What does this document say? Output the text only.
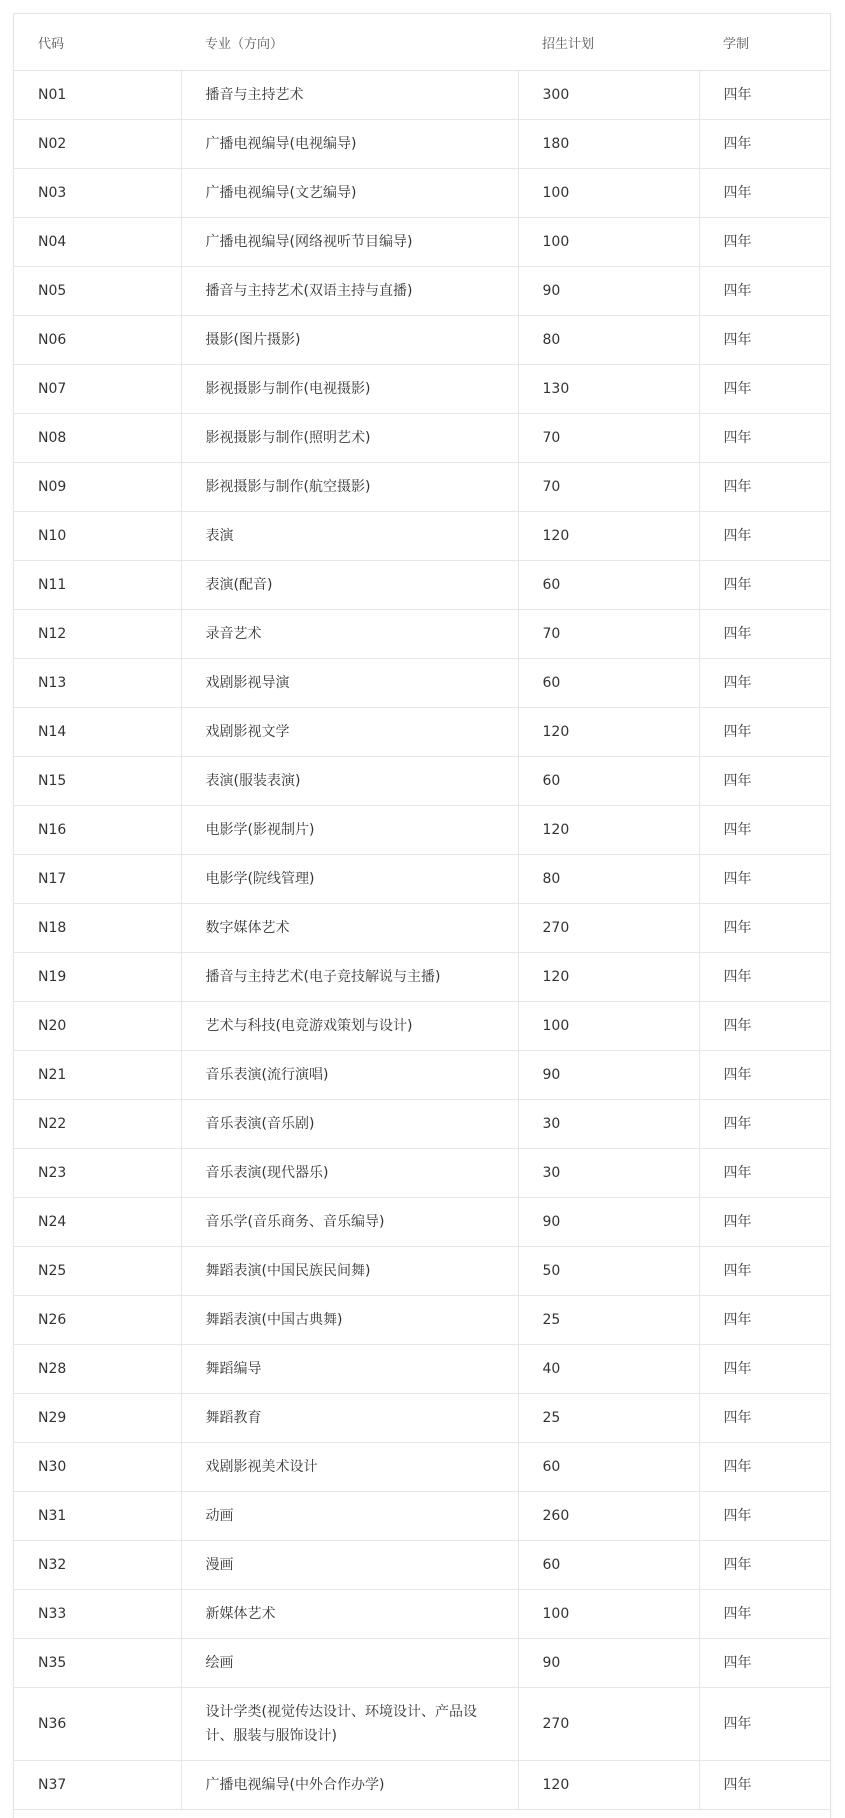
代码	专业（方向）	招生计划	学制
N01	播音与主持艺术	300	四年
N02	广播电视编导(电视编导)	180	四年
N03	广播电视编导(文艺编导)	100	四年
N04	广播电视编导(网络视听节目编导)	100	四年
N05	播音与主持艺术(双语主持与直播)	90	四年
N06	摄影(图片摄影)	80	四年
N07	影视摄影与制作(电视摄影)	130	四年
N08	影视摄影与制作(照明艺术)	70	四年
N09	影视摄影与制作(航空摄影)	70	四年
N10	表演	120	四年
N11	表演(配音)	60	四年
N12	录音艺术	70	四年
N13	戏剧影视导演	60	四年
N14	戏剧影视文学	120	四年
N15	表演(服装表演)	60	四年
N16	电影学(影视制片)	120	四年
N17	电影学(院线管理)	80	四年
N18	数字媒体艺术	270	四年
N19	播音与主持艺术(电子竞技解说与主播)	120	四年
N20	艺术与科技(电竞游戏策划与设计)	100	四年
N21	音乐表演(流行演唱)	90	四年
N22	音乐表演(音乐剧)	30	四年
N23	音乐表演(现代器乐)	30	四年
N24	音乐学(音乐商务、音乐编导)	90	四年
N25	舞蹈表演(中国民族民间舞)	50	四年
N26	舞蹈表演(中国古典舞)	25	四年
N28	舞蹈编导	40	四年
N29	舞蹈教育	25	四年
N30	戏剧影视美术设计	60	四年
N31	动画	260	四年
N32	漫画	60	四年
N33	新媒体艺术	100	四年
N35	绘画	90	四年
N36	设计学类(视觉传达设计、环境设计、产品设计、服装与服饰设计)	270	四年
N37	广播电视编导(中外合作办学)	120	四年
